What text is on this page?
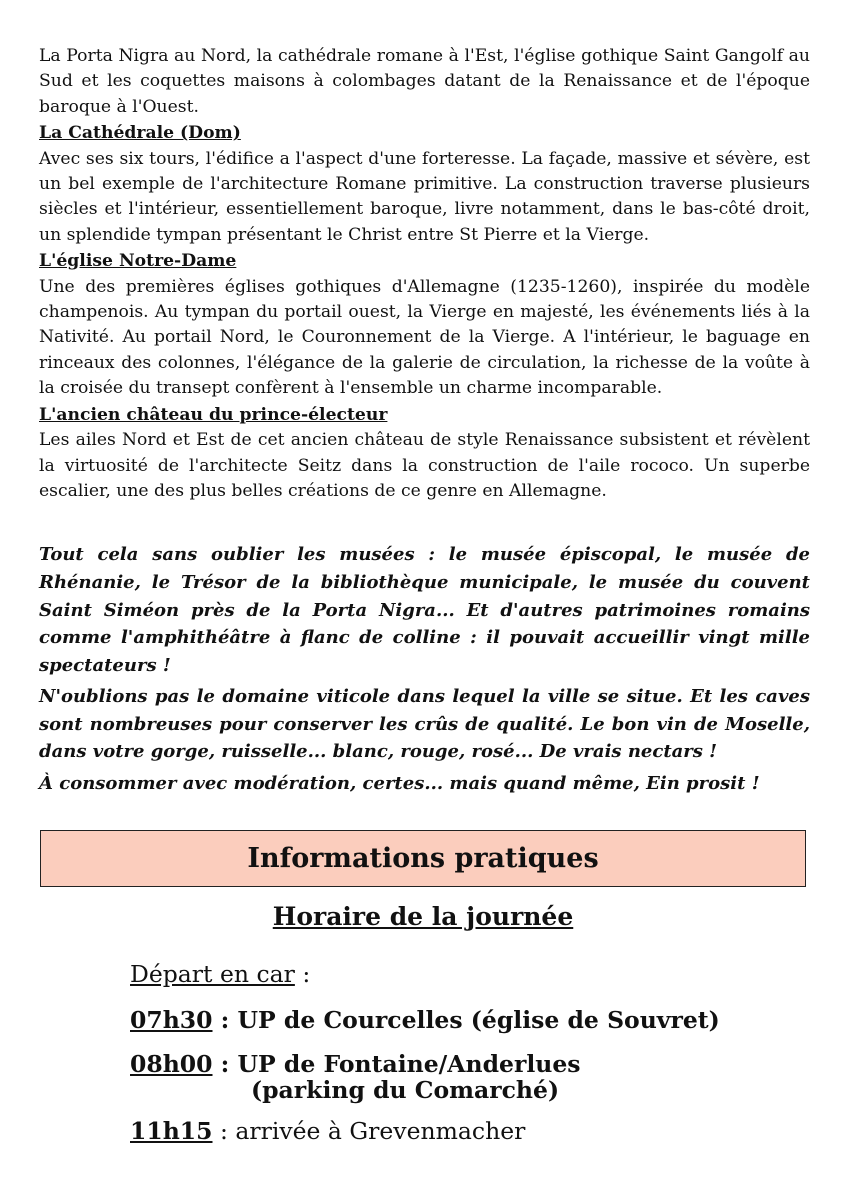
La Porta Nigra au Nord, la cathédrale romane à l'Est, l'église gothique Saint Gangolf au Sud et les coquettes maisons à colombages datant de la Renaissance et de l'époque baroque à l'Ouest.

La Cathédrale (Dom)

Avec ses six tours, l'édifice a l'aspect d'une forteresse. La façade, massive et sévère, est un bel exemple de l'architecture Romane primitive. La construction traverse plusieurs siècles et l'intérieur, essentiellement baroque, livre notamment, dans le bas-côté droit, un splendide tympan présentant le Christ entre St Pierre et la Vierge.

L'église Notre-Dame

Une des premières églises gothiques d'Allemagne (1235-1260), inspirée du modèle champenois. Au tympan du portail ouest, la Vierge en majesté, les événements liés à la Nativité. Au portail Nord, le Couronnement de la Vierge. A l'intérieur, le baguage en rinceaux des colonnes, l'élégance de la galerie de circulation, la richesse de la voûte à la croisée du transept confèrent à l'ensemble un charme incomparable.

L'ancien château du prince-électeur

Les ailes Nord et Est de cet ancien château de style Renaissance subsistent et révèlent la virtuosité de l'architecte Seitz dans la construction de l'aile rococo. Un superbe escalier, une des plus belles créations de ce genre en Allemagne.

Tout cela sans oublier les musées : le musée épiscopal, le musée de Rhénanie, le Trésor de la bibliothèque municipale, le musée du couvent Saint Siméon près de la Porta Nigra... Et d'autres patrimoines romains comme l'amphithéâtre à flanc de colline : il pouvait accueillir vingt mille spectateurs !

N'oublions pas le domaine viticole dans lequel la ville se situe. Et les caves sont nombreuses pour conserver les crûs de qualité. Le bon vin de Moselle, dans votre gorge, ruisselle... blanc, rouge, rosé... De vrais nectars !

À consommer avec modération, certes... mais quand même, Ein prosit !

Informations pratiques

Horaire de la journée

Départ en car :
07h30 : UP de Courcelles (église de Souvret)
08h00 : UP de Fontaine/Anderlues
(parking du Comarché)
11h15 : arrivée à Grevenmacher
